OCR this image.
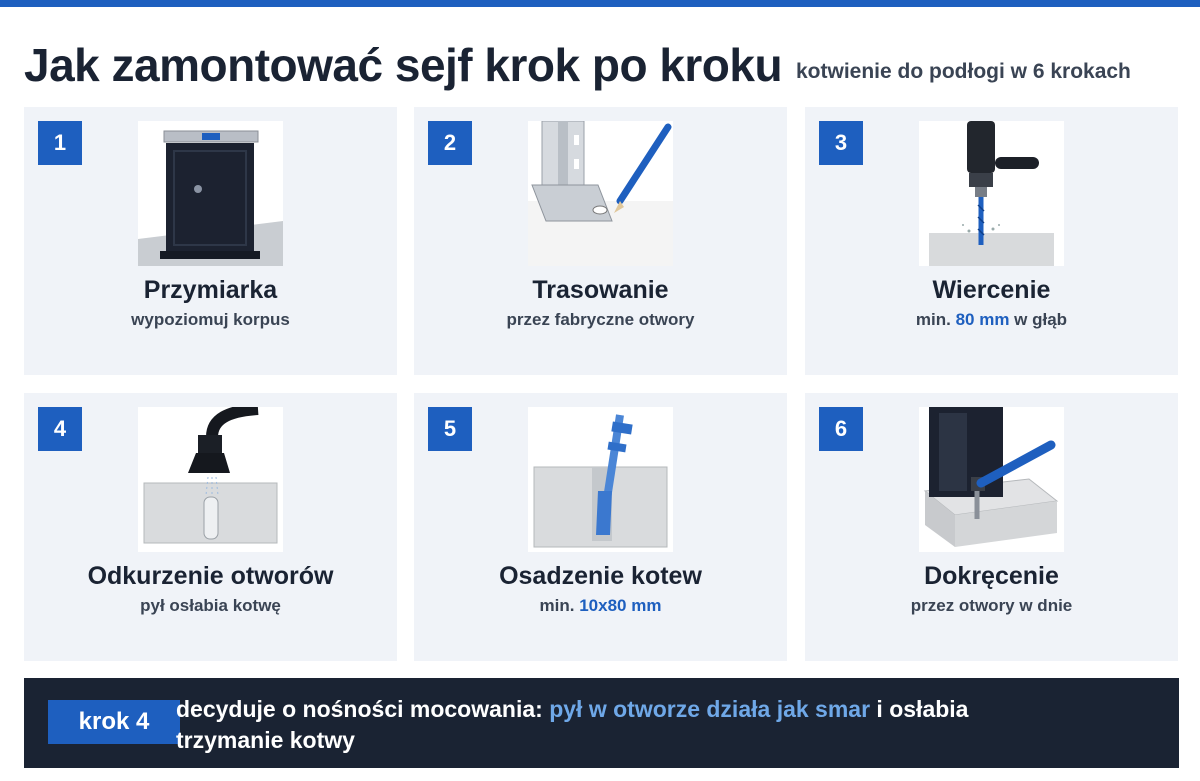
Jak zamontować sejf krok po kroku kotwienie do podłogi w 6 krokach
1
Przymiarka
wypoziomuj korpus
2
Trasowanie
przez fabryczne otwory
3
Wiercenie
min. 80 mm w głąb
4
Odkurzenie otworów
pył osłabia kotwę
5
Osadzenie kotew
min. 10x80 mm
6
Dokręcenie
przez otwory w dnie
krok 4	decyduje o nośności mocowania: pył w otworze działa jak smar i osłabia trzymanie kotwy
